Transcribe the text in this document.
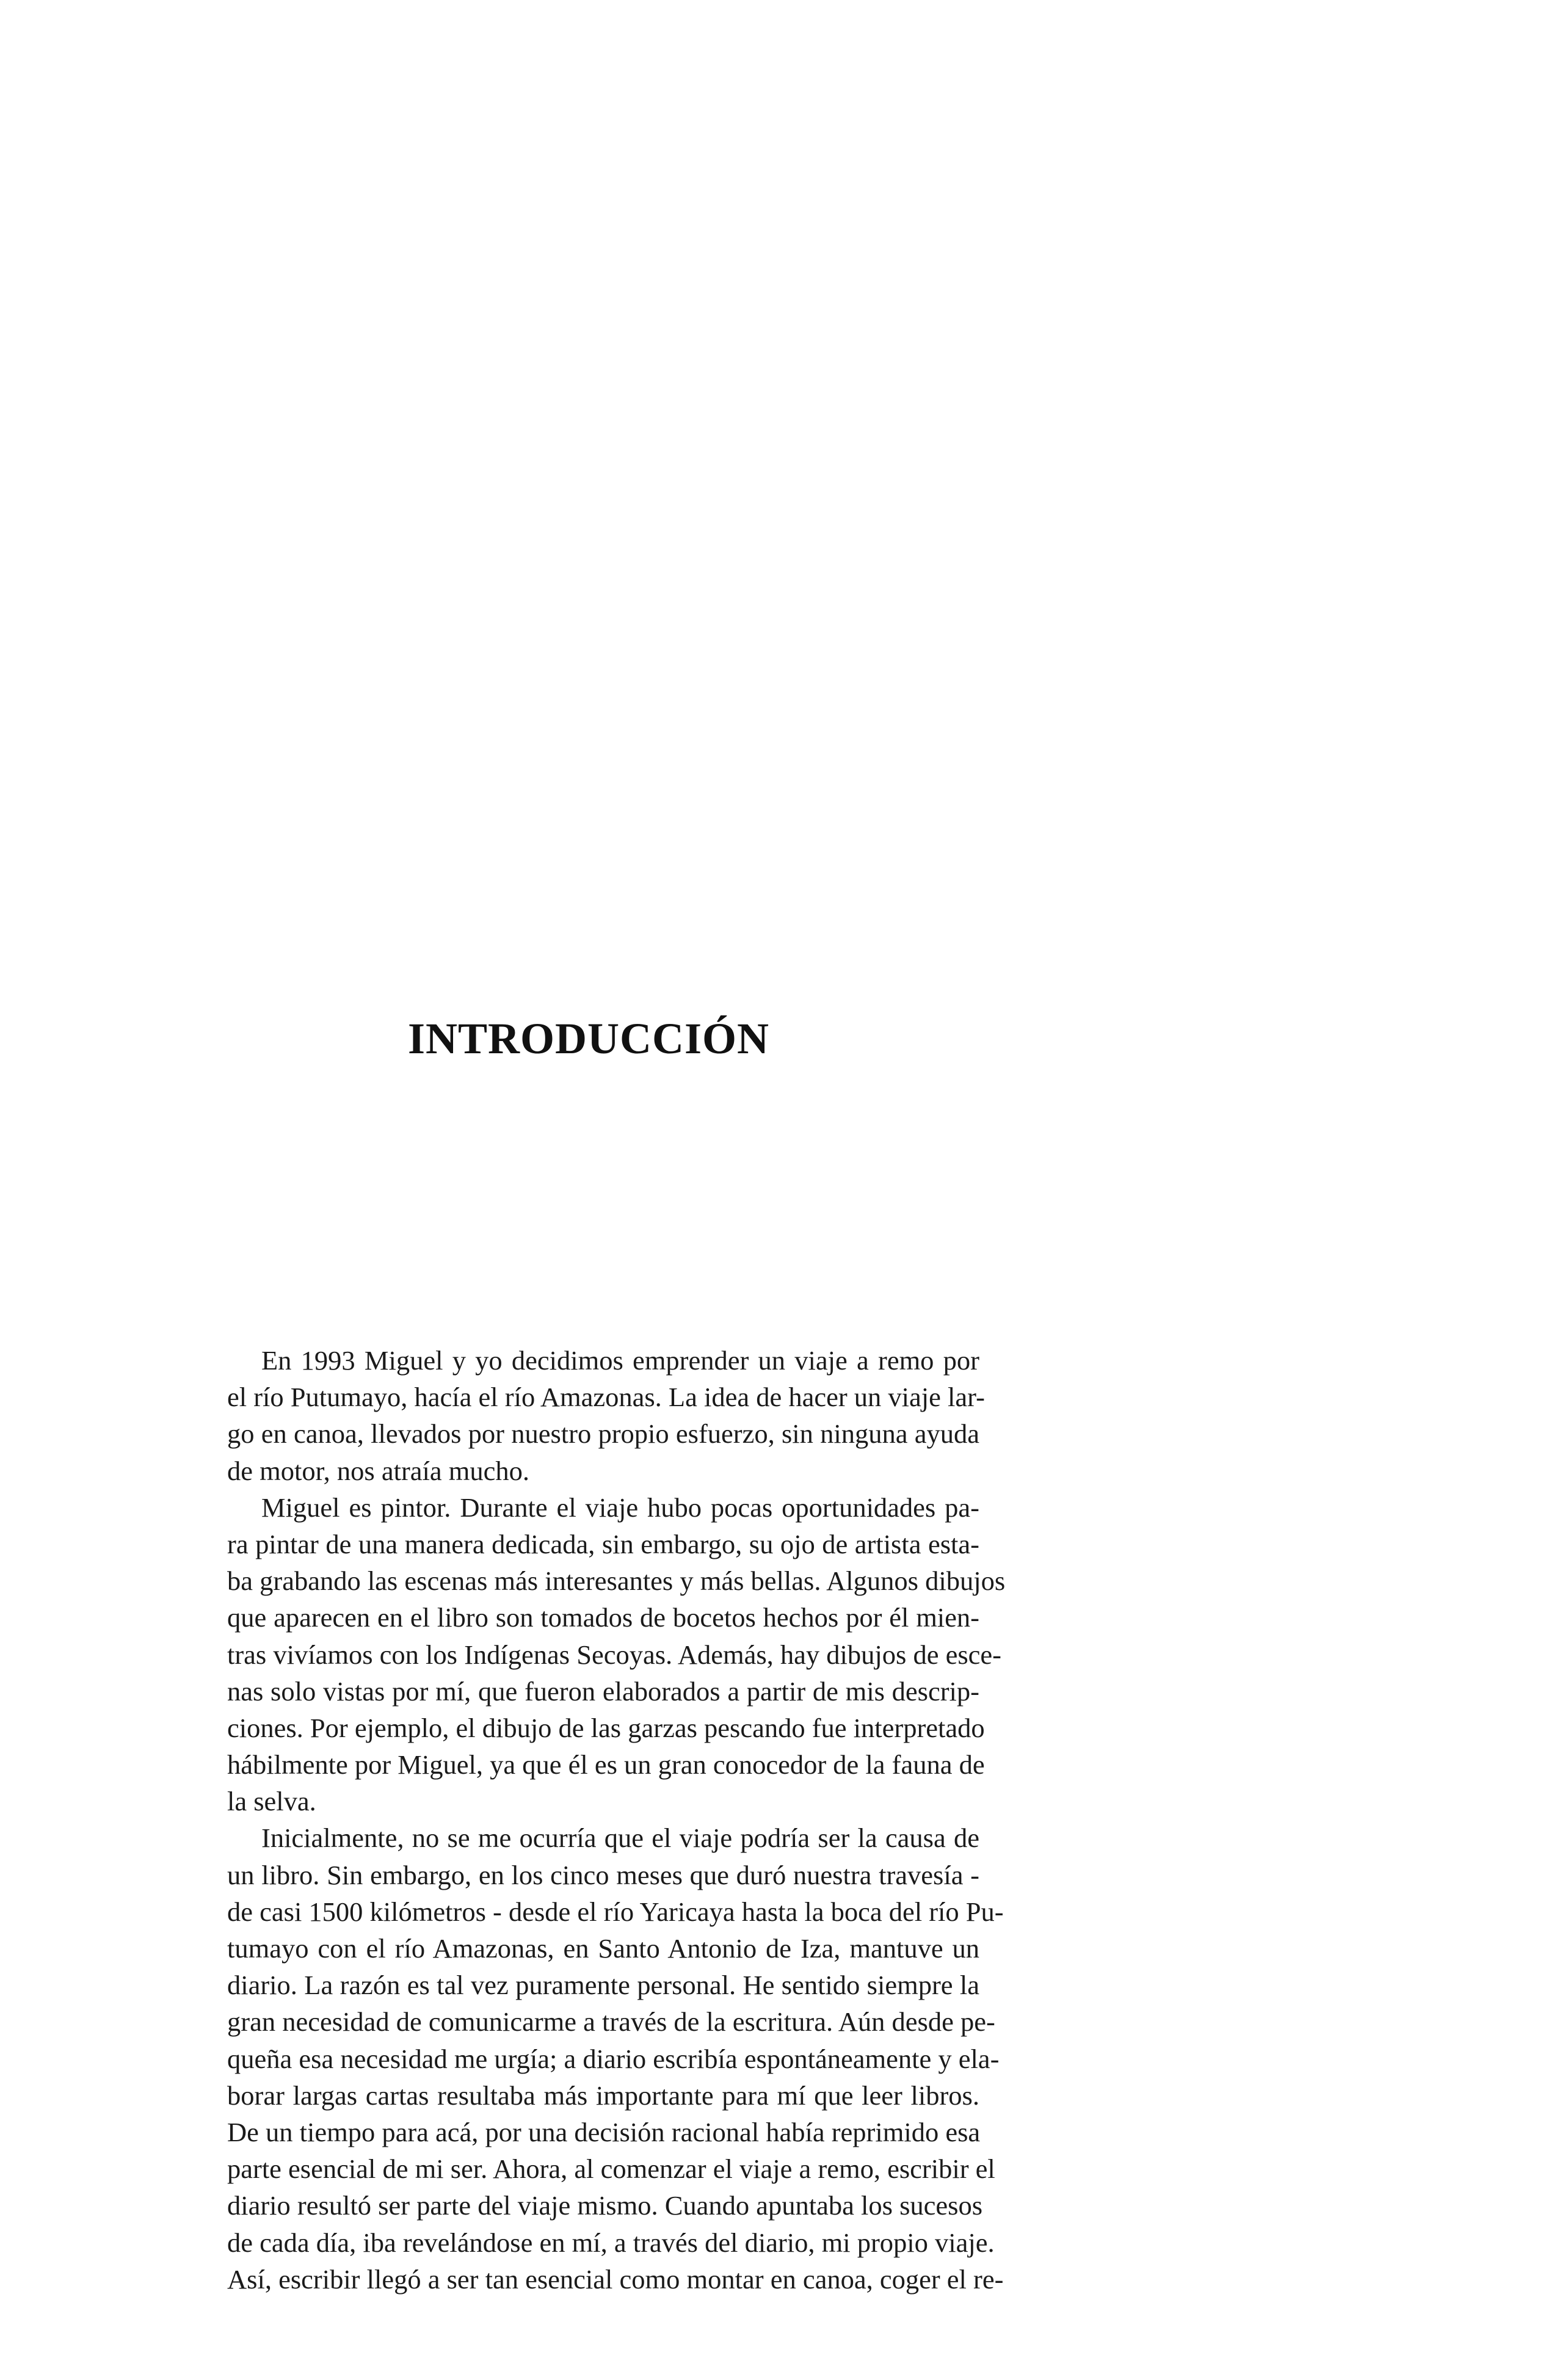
INTRODUCCIÓN
En 1993 Miguel y yo decidimos emprender un viaje a remo por
el río Putumayo, hacía el río Amazonas. La idea de hacer un viaje lar-
go en canoa, llevados por nuestro propio esfuerzo, sin ninguna ayuda
de motor, nos atraía mucho.
Miguel es pintor. Durante el viaje hubo pocas oportunidades pa-
ra pintar de una manera dedicada, sin embargo, su ojo de artista esta-
ba grabando las escenas más interesantes y más bellas. Algunos dibujos
que aparecen en el libro son tomados de bocetos hechos por él mien-
tras vivíamos con los Indígenas Secoyas. Además, hay dibujos de esce-
nas solo vistas por mí, que fueron elaborados a partir de mis descrip-
ciones. Por ejemplo, el dibujo de las garzas pescando fue interpretado
hábilmente por Miguel, ya que él es un gran conocedor de la fauna de
la selva.
Inicialmente, no se me ocurría que el viaje podría ser la causa de
un libro. Sin embargo, en los cinco meses que duró nuestra travesía -
de casi 1500 kilómetros - desde el río Yaricaya hasta la boca del río Pu-
tumayo con el río Amazonas, en Santo Antonio de Iza, mantuve un
diario. La razón es tal vez puramente personal. He sentido siempre la
gran necesidad de comunicarme a través de la escritura. Aún desde pe-
queña esa necesidad me urgía; a diario escribía espontáneamente y ela-
borar largas cartas resultaba más importante para mí que leer libros.
De un tiempo para acá, por una decisión racional había reprimido esa
parte esencial de mi ser. Ahora, al comenzar el viaje a remo, escribir el
diario resultó ser parte del viaje mismo. Cuando apuntaba los sucesos
de cada día, iba revelándose en mí, a través del diario, mi propio viaje.
Así, escribir llegó a ser tan esencial como montar en canoa, coger el re-
